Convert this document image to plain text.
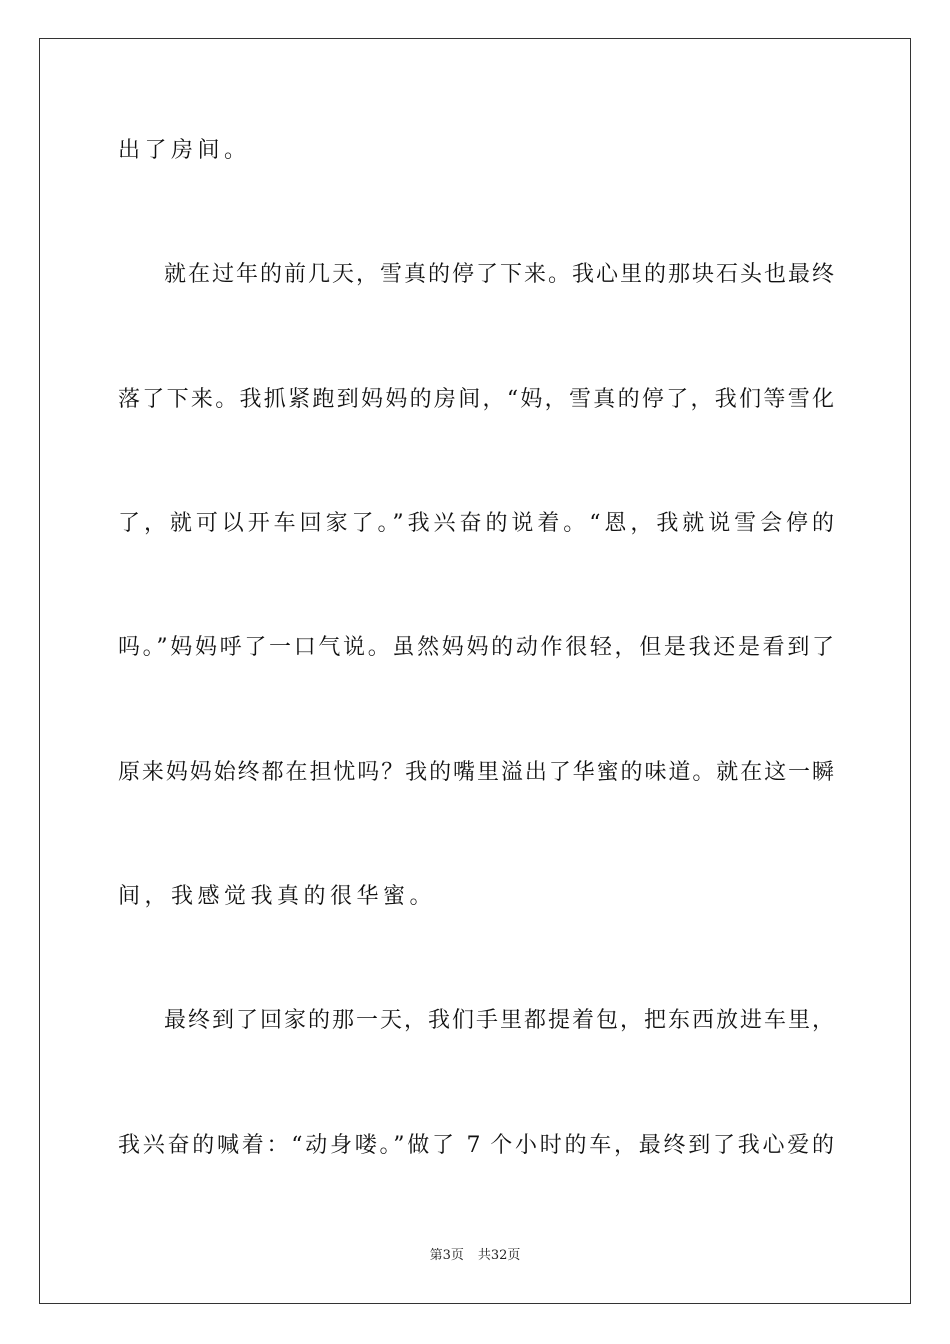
出了房间。
就在过年的前几天，雪真的停了下来。我心里的那块石头也最终
落了下来。我抓紧跑到妈妈的房间，“妈，雪真的停了，我们等雪化
了，就可以开车回家了。”我兴奋的说着。“恩，我就说雪会停的
吗。”妈妈呼了一口气说。虽然妈妈的动作很轻，但是我还是看到了
原来妈妈始终都在担忧吗？我的嘴里溢出了华蜜的味道。就在这一瞬
间，我感觉我真的很华蜜。
最终到了回家的那一天，我们手里都提着包，把东西放进车里，
我兴奋的喊着：“动身喽。”做了 7 个小时的车，最终到了我心爱的
第3页 共32页
